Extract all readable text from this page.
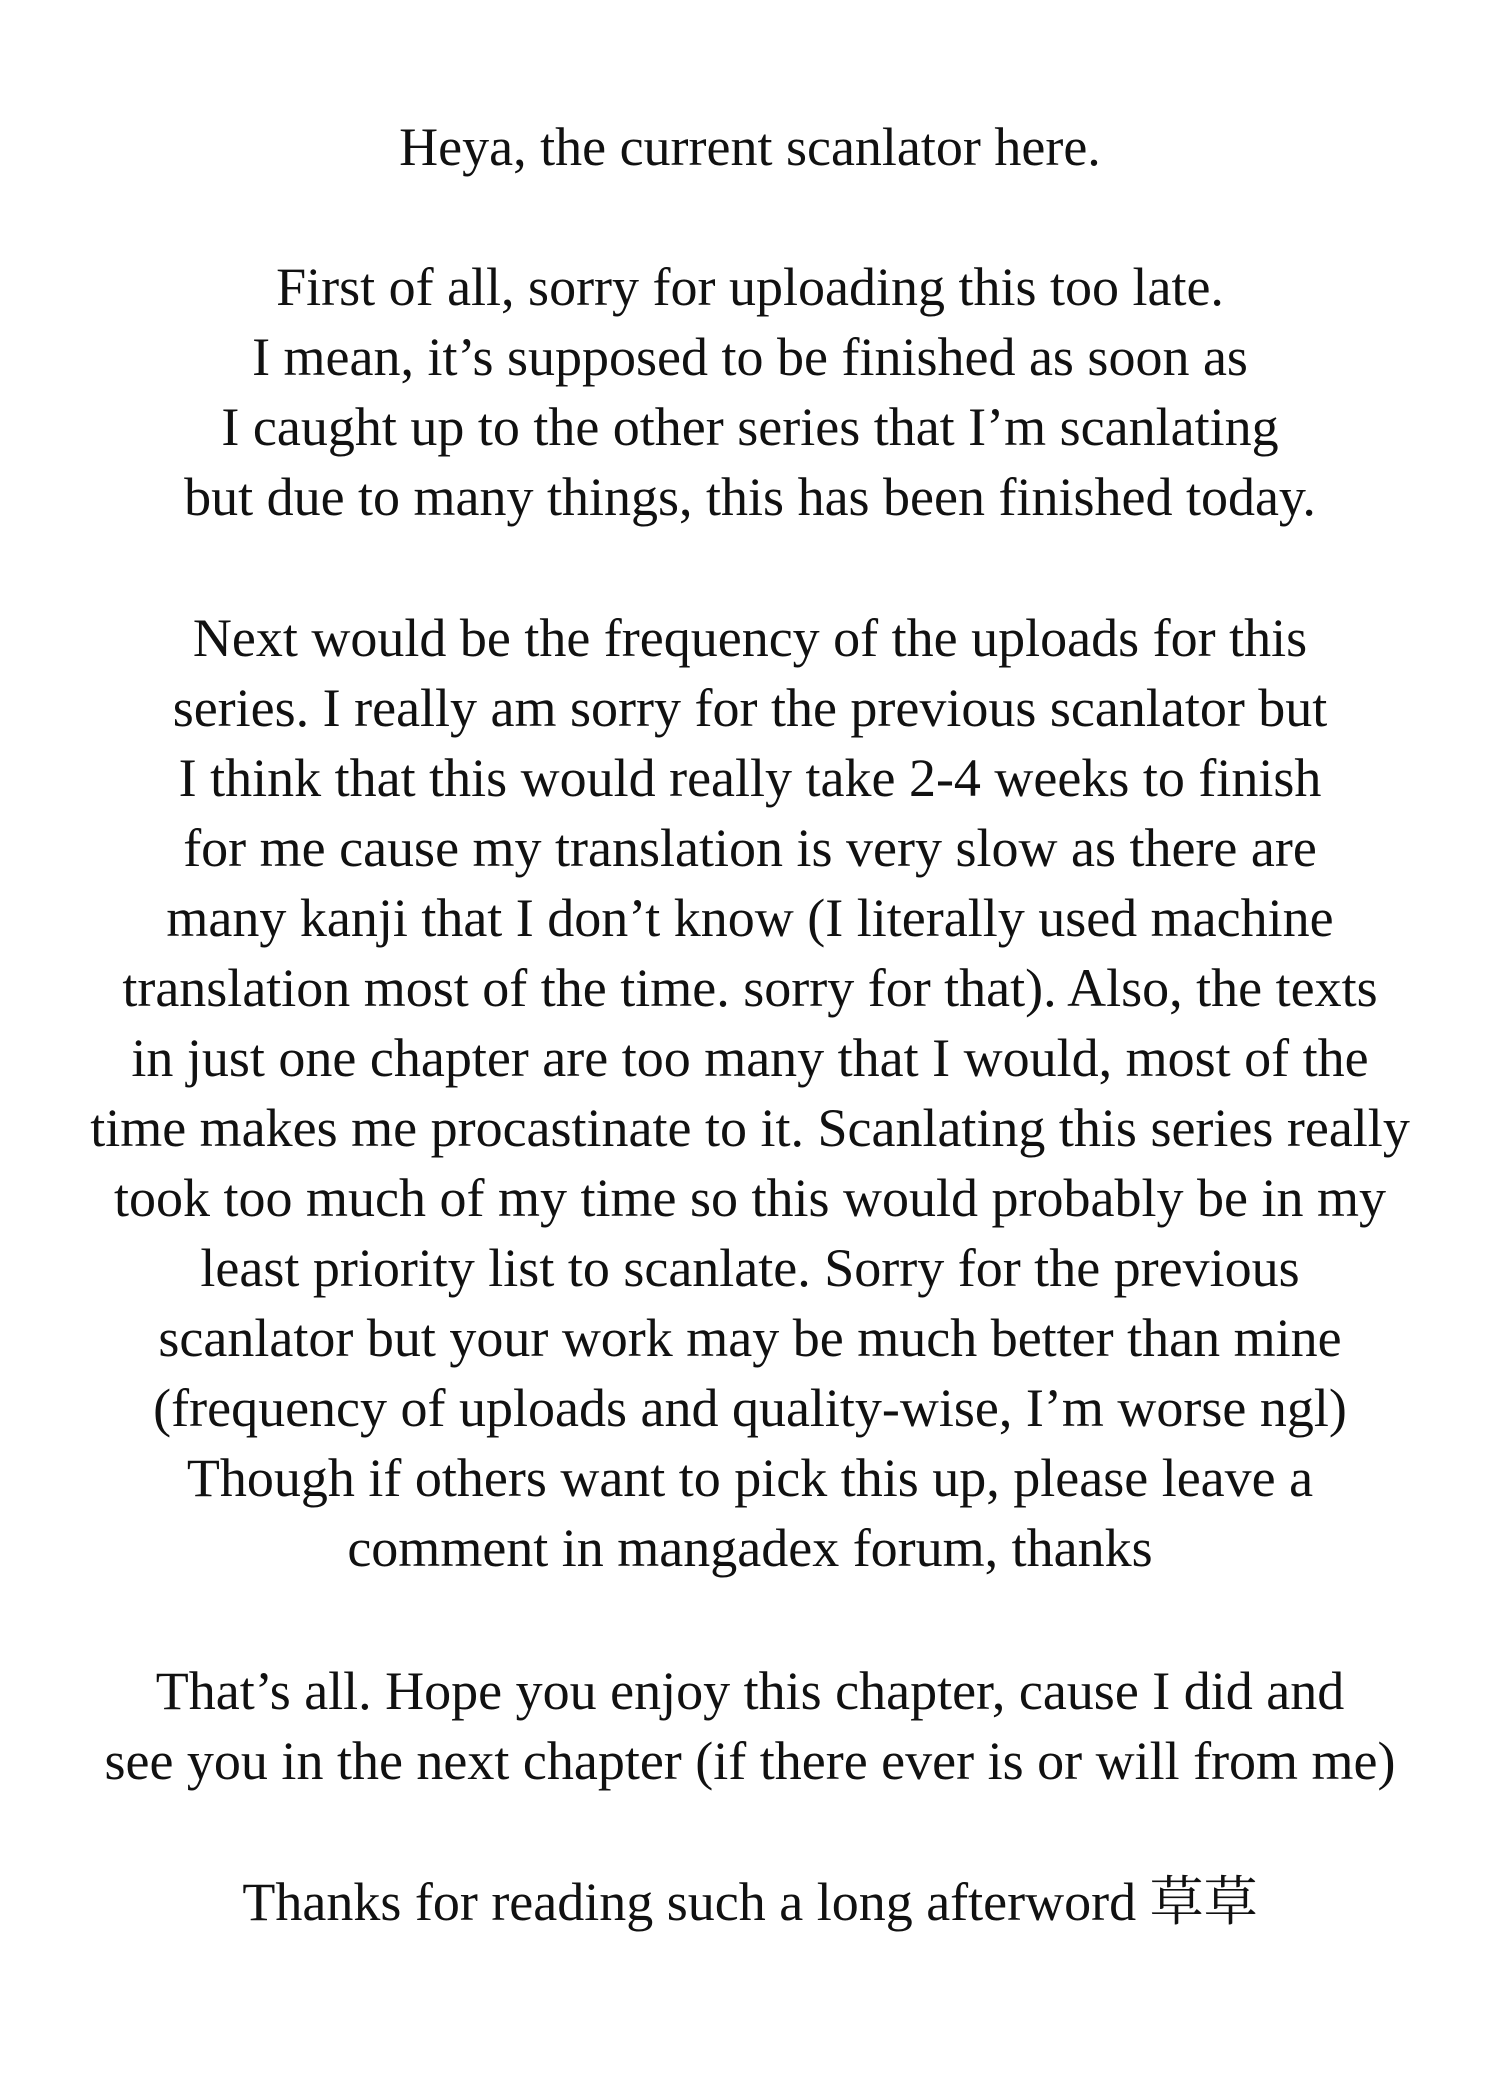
Heya, the current scanlator here.
First of all, sorry for uploading this too late.
I mean, it’s supposed to be finished as soon as
I caught up to the other series that I’m scanlating
but due to many things, this has been finished today.
Next would be the frequency of the uploads for this
series. I really am sorry for the previous scanlator but
I think that this would really take 2-4 weeks to finish
for me cause my translation is very slow as there are
many kanji that I don’t know (I literally used machine
translation most of the time. sorry for that). Also, the texts
in just one chapter are too many that I would, most of the
time makes me procastinate to it. Scanlating this series really
took too much of my time so this would probably be in my
least priority list to scanlate. Sorry for the previous
scanlator but your work may be much better than mine
(frequency of uploads and quality-wise, I’m worse ngl)
Though if others want to pick this up, please leave a
comment in mangadex forum, thanks
That’s all. Hope you enjoy this chapter, cause I did and
see you in the next chapter (if there ever is or will from me)
Thanks for reading such a long afterword 草草
